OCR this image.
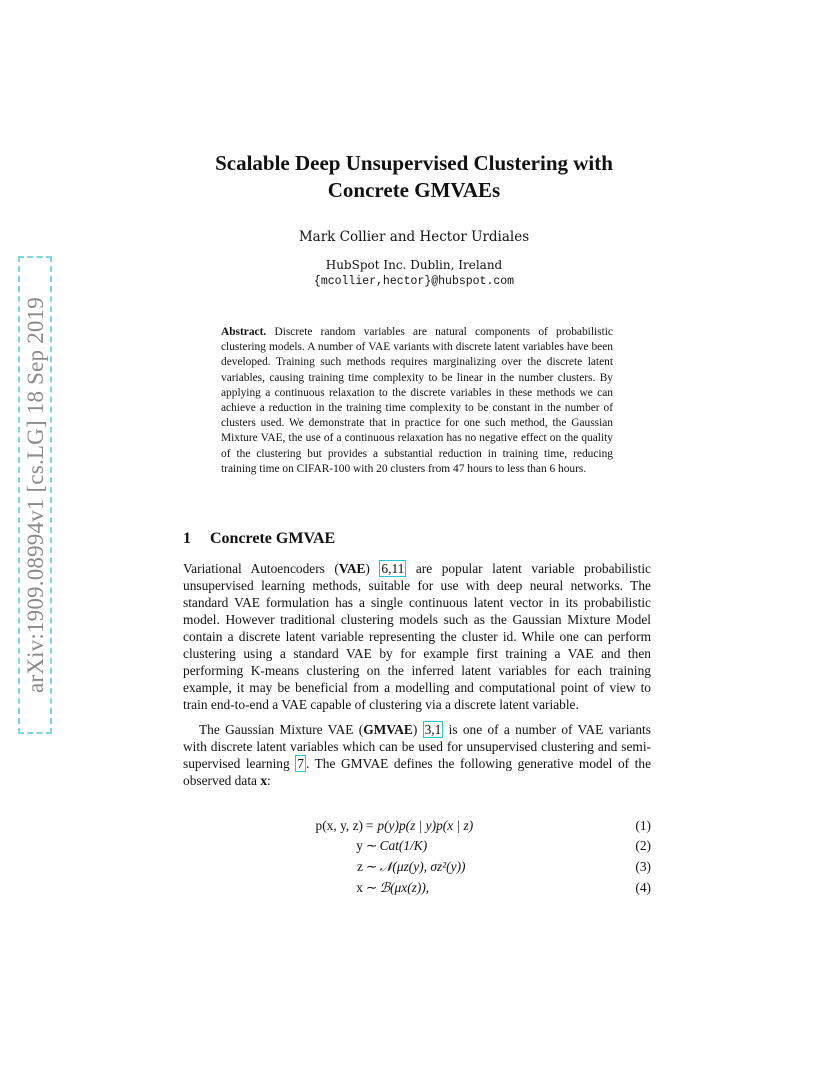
arXiv:1909.08994v1 [cs.LG] 18 Sep 2019
Scalable Deep Unsupervised Clustering with
Concrete GMVAEs
Mark Collier and Hector Urdiales
HubSpot Inc. Dublin, Ireland
{mcollier,hector}@hubspot.com
Abstract. Discrete random variables are natural components of probabilistic clustering models. A number of VAE variants with discrete latent variables have been developed. Training such methods requires marginalizing over the discrete latent variables, causing training time complexity to be linear in the number clusters. By applying a continuous relaxation to the discrete variables in these methods we can achieve a reduction in the training time complexity to be constant in the number of clusters used. We demonstrate that in practice for one such method, the Gaussian Mixture VAE, the use of a continuous relaxation has no negative effect on the quality of the clustering but provides a substantial reduction in training time, reducing training time on CIFAR-100 with 20 clusters from 47 hours to less than 6 hours.
1 Concrete GMVAE
Variational Autoencoders (VAE) 6,11 are popular latent variable probabilistic unsupervised learning methods, suitable for use with deep neural networks. The standard VAE formulation has a single continuous latent vector in its probabilistic model. However traditional clustering models such as the Gaussian Mixture Model contain a discrete latent variable representing the cluster id. While one can perform clustering using a standard VAE by for example first training a VAE and then performing K-means clustering on the inferred latent variables for each training example, it may be beneficial from a modelling and computational point of view to train end-to-end a VAE capable of clustering via a discrete latent variable.
The Gaussian Mixture VAE (GMVAE) 3,1 is one of a number of VAE variants with discrete latent variables which can be used for unsupervised clustering and semi-supervised learning 7 . The GMVAE defines the following generative model of the observed data x:
p(x, y, z) = p(y)p(z | y)p(x | z)	(1)
y ∼ Cat(1/K)	(2)
z ∼ 𝒩(μz(y), σz²(y))	(3)
x ∼ ℬ(μx(z)),	(4)
